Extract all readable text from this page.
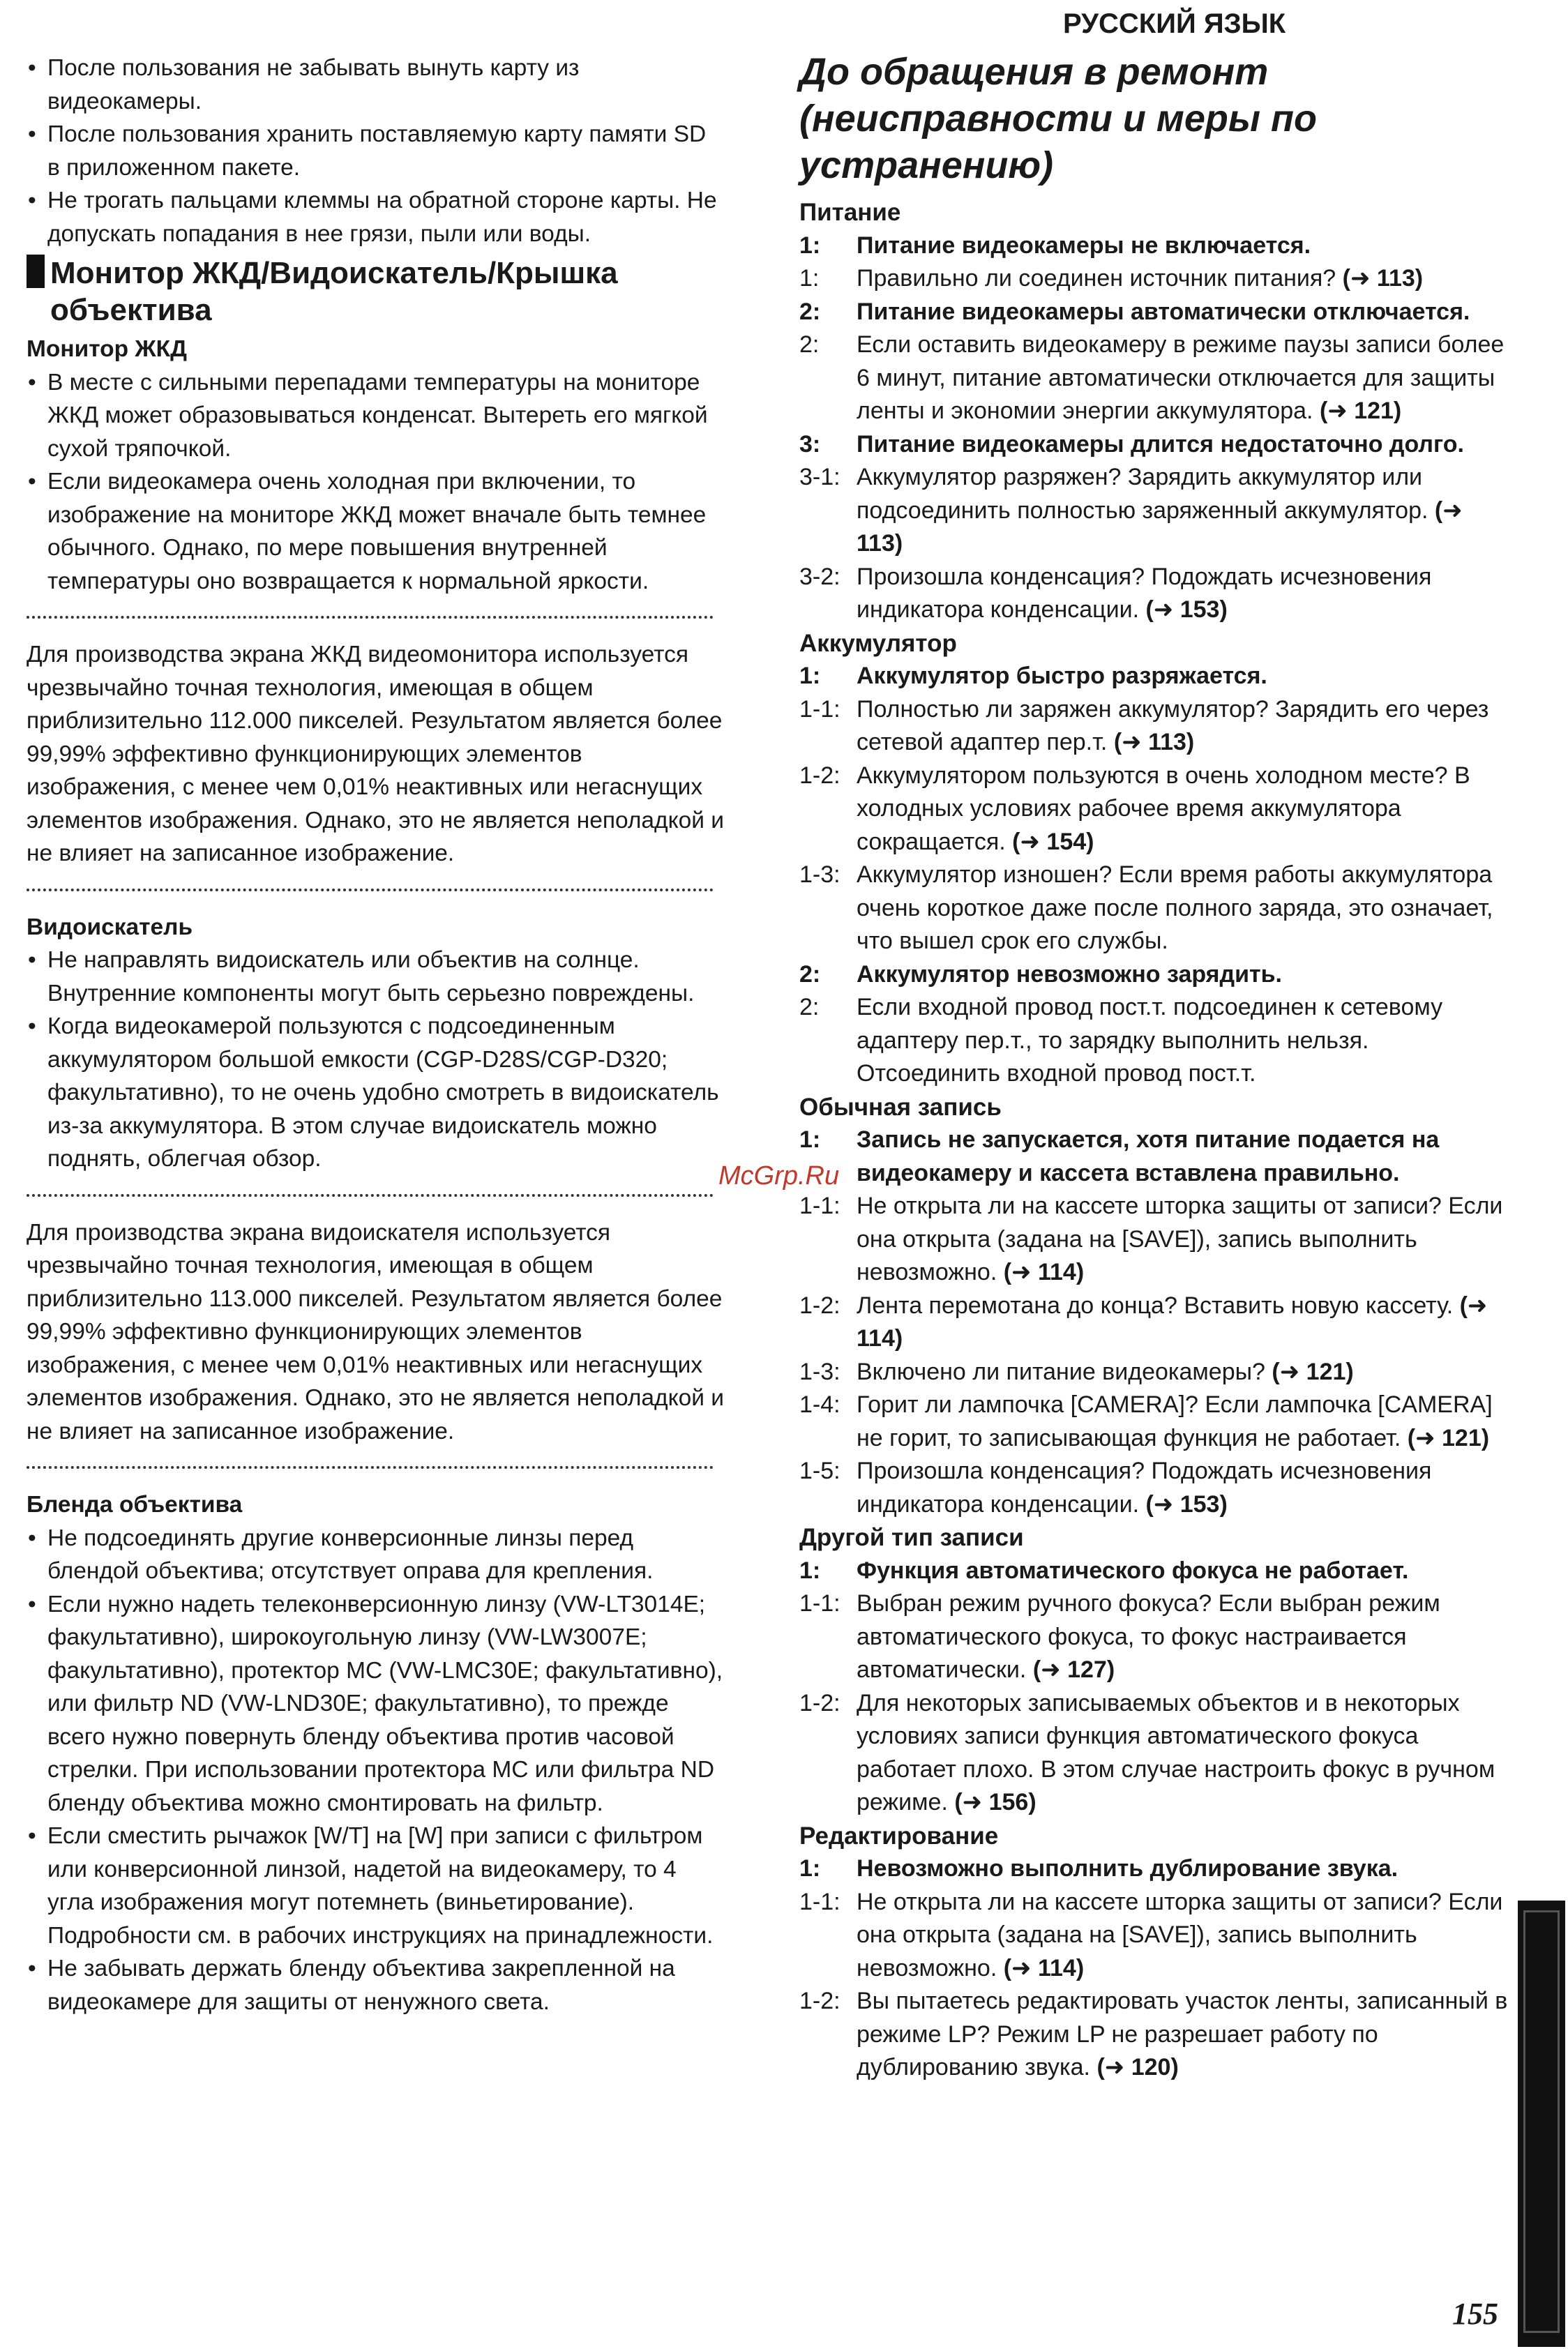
РУССКИЙ ЯЗЫК
• После пользования не забывать вынуть карту из видеокамеры.
• После пользования хранить поставляемую карту памяти SD в приложенном пакете.
• Не трогать пальцами клеммы на обратной стороне карты. Не допускать попадания в нее грязи, пыли или воды.
Монитор ЖКД/Видоискатель/Крышка объектива
Монитор ЖКД
• В месте с сильными перепадами температуры на мониторе ЖКД может образовываться конденсат. Вытереть его мягкой сухой тряпочкой.
• Если видеокамера очень холодная при включении, то изображение на мониторе ЖКД может вначале быть темнее обычного. Однако, по мере повышения внутренней температуры оно возвращается к нормальной яркости.
Для производства экрана ЖКД видеомонитора используется чрезвычайно точная технология, имеющая в общем приблизительно 112.000 пикселей. Результатом является более 99,99% эффективно функционирующих элементов изображения, с менее чем 0,01% неактивных или негаснущих элементов изображения. Однако, это не является неполадкой и не влияет на записанное изображение.
Видоискатель
• Не направлять видоискатель или объектив на солнце. Внутренние компоненты могут быть серьезно повреждены.
• Когда видеокамерой пользуются с подсоединенным аккумулятором большой емкости (CGP-D28S/CGP-D320; факультативно), то не очень удобно смотреть в видоискатель из-за аккумулятора. В этом случае видоискатель можно поднять, облегчая обзор.
Для производства экрана видоискателя используется чрезвычайно точная технология, имеющая в общем приблизительно 113.000 пикселей. Результатом является более 99,99% эффективно функционирующих элементов изображения, с менее чем 0,01% неактивных или негаснущих элементов изображения. Однако, это не является неполадкой и не влияет на записанное изображение.
Бленда объектива
• Не подсоединять другие конверсионные линзы перед блендой объектива; отсутствует оправа для крепления.
• Если нужно надеть телеконверсионную линзу (VW-LT3014E; факультативно), широкоугольную линзу (VW-LW3007E; факультативно), протектор MC (VW-LMC30E; факультативно), или фильтр ND (VW-LND30E; факультативно), то прежде всего нужно повернуть бленду объектива против часовой стрелки. При использовании протектора MC или фильтра ND бленду объектива можно смонтировать на фильтр.
• Если сместить рычажок [W/T] на [W] при записи с фильтром или конверсионной линзой, надетой на видеокамеру, то 4 угла изображения могут потемнеть (виньетирование). Подробности см. в рабочих инструкциях на принадлежности.
• Не забывать держать бленду объектива закрепленной на видеокамере для защиты от ненужного света.
До обращения в ремонт (неисправности и меры по устранению)
Питание
1:	Питание видеокамеры не включается.
1:	Правильно ли соединен источник питания? (➜ 113)
2:	Питание видеокамеры автоматически отключается.
2:	Если оставить видеокамеру в режиме паузы записи более 6 минут, питание автоматически отключается для защиты ленты и экономии энергии аккумулятора. (➜ 121)
3:	Питание видеокамеры длится недостаточно долго.
3-1: Аккумулятор разряжен? Зарядить аккумулятор или подсоединить полностью заряженный аккумулятор. (➜ 113)
3-2: Произошла конденсация? Подождать исчезновения индикатора конденсации. (➜ 153)
Аккумулятор
1:	Аккумулятор быстро разряжается.
1-1: Полностью ли заряжен аккумулятор? Зарядить его через сетевой адаптер пер.т. (➜ 113)
1-2: Аккумулятором пользуются в очень холодном месте? В холодных условиях рабочее время аккумулятора сокращается. (➜ 154)
1-3: Аккумулятор изношен? Если время работы аккумулятора очень короткое даже после полного заряда, это означает, что вышел срок его службы.
2:	Аккумулятор невозможно зарядить.
2:	Если входной провод пост.т. подсоединен к сетевому адаптеру пер.т., то зарядку выполнить нельзя. Отсоединить входной провод пост.т.
Обычная запись
1:	Запись не запускается, хотя питание подается на видеокамеру и кассета вставлена правильно.
1-1: Не открыта ли на кассете шторка защиты от записи? Если она открыта (задана на [SAVE]), запись выполнить невозможно. (➜ 114)
1-2: Лента перемотана до конца? Вставить новую кассету. (➜ 114)
1-3: Включено ли питание видеокамеры? (➜ 121)
1-4: Горит ли лампочка [CAMERA]? Если лампочка [CAMERA] не горит, то записывающая функция не работает. (➜ 121)
1-5: Произошла конденсация? Подождать исчезновения индикатора конденсации. (➜ 153)
Другой тип записи
1:	Функция автоматического фокуса не работает.
1-1: Выбран режим ручного фокуса? Если выбран режим автоматического фокуса, то фокус настраивается автоматически. (➜ 127)
1-2: Для некоторых записываемых объектов и в некоторых условиях записи функция автоматического фокуса работает плохо. В этом случае настроить фокус в ручном режиме. (➜ 156)
Редактирование
1:	Невозможно выполнить дублирование звука.
1-1: Не открыта ли на кассете шторка защиты от записи? Если она открыта (задана на [SAVE]), запись выполнить невозможно. (➜ 114)
1-2: Вы пытаетесь редактировать участок ленты, записанный в режиме LP? Режим LP не разрешает работу по дублированию звука. (➜ 120)
McGrp.Ru
155
